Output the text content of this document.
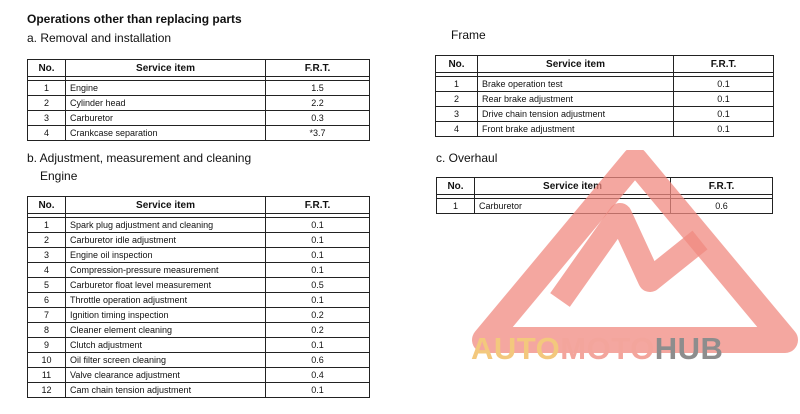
Operations other than replacing parts
a. Removal and installation
No.	Service item	F.R.T.

1	Engine	1.5
2	Cylinder head	2.2
3	Carburetor	0.3
4	Crankcase separation	*3.7
b. Adjustment, measurement and cleaning
Engine
No.	Service item	F.R.T.

1	Spark plug adjustment and cleaning	0.1
2	Carburetor idle adjustment	0.1
3	Engine oil inspection	0.1
4	Compression-pressure measurement	0.1
5	Carburetor float level measurement	0.5
6	Throttle operation adjustment	0.1
7	Ignition timing inspection	0.2
8	Cleaner element cleaning	0.2
9	Clutch adjustment	0.1
10	Oil filter screen cleaning	0.6
11	Valve clearance adjustment	0.4
12	Cam chain tension adjustment	0.1
Frame
No.	Service item	F.R.T.

1	Brake operation test	0.1
2	Rear brake adjustment	0.1
3	Drive chain tension adjustment	0.1
4	Front brake adjustment	0.1
c. Overhaul
No.	Service item	F.R.T.

1	Carburetor	0.6
AUTOMOTOHUB
